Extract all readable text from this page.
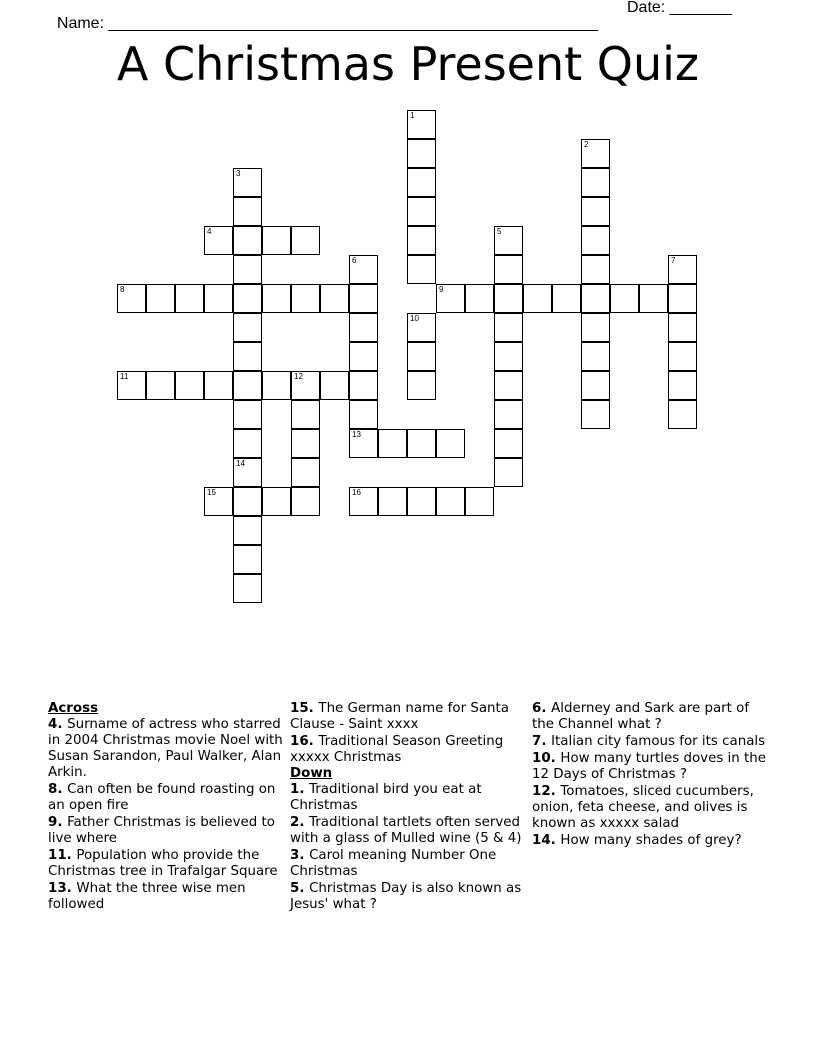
Name: _______________________________________________________

Date: _______

A Christmas Present Quiz
1
2
3
4	5
6
13
7
8	9
10
11	12
14
15	16

Across

4. Surname of actress who starred in 2004 Christmas movie Noel with Susan Sarandon, Paul Walker, Alan Arkin.

8. Can often be found roasting on an open fire

9. Father Christmas is believed to live where

11. Population who provide the Christmas tree in Trafalgar Square

13. What the three wise men followed

15. The German name for Santa Clause - Saint xxxx

16. Traditional Season Greeting xxxxx Christmas

Down

1. Traditional bird you eat at Christmas

2. Traditional tartlets often served with a glass of Mulled wine (5 & 4)

3. Carol meaning Number One Christmas

5. Christmas Day is also known as Jesus' what ?

6. Alderney and Sark are part of the Channel what ?

7. Italian city famous for its canals

10. How many turtles doves in the 12 Days of Christmas ?

12. Tomatoes, sliced cucumbers, onion, feta cheese, and olives is known as xxxxx salad

14. How many shades of grey?
